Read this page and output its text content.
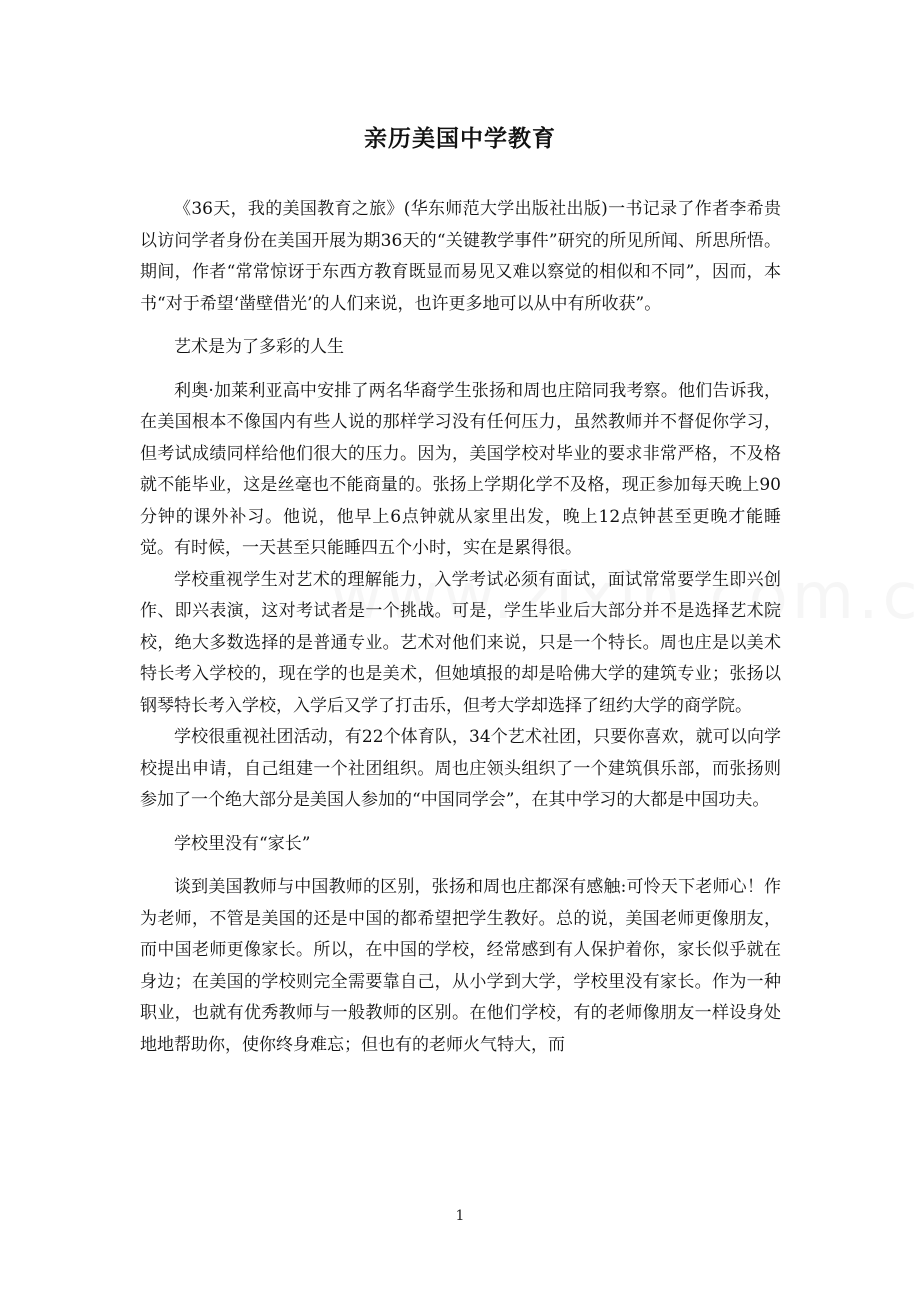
亲历美国中学教育

《36天，我的美国教育之旅》(华东师范大学出版社出版)一书记录了作者李希贵以访问学者身份在美国开展为期36天的“关键教学事件”研究的所见所闻、所思所悟。期间，作者“常常惊讶于东西方教育既显而易见又难以察觉的相似和不同”，因而，本书“对于希望‘凿壁借光’的人们来说，也许更多地可以从中有所收获”。

艺术是为了多彩的人生

利奥·加莱利亚高中安排了两名华裔学生张扬和周也庄陪同我考察。他们告诉我，在美国根本不像国内有些人说的那样学习没有任何压力，虽然教师并不督促你学习，但考试成绩同样给他们很大的压力。因为，美国学校对毕业的要求非常严格，不及格就不能毕业，这是丝毫也不能商量的。张扬上学期化学不及格，现正参加每天晚上90分钟的课外补习。他说，他早上6点钟就从家里出发，晚上12点钟甚至更晚才能睡觉。有时候，一天甚至只能睡四五个小时，实在是累得很。

学校重视学生对艺术的理解能力，入学考试必须有面试，面试常常要学生即兴创作、即兴表演，这对考试者是一个挑战。可是，学生毕业后大部分并不是选择艺术院校，绝大多数选择的是普通专业。艺术对他们来说，只是一个特长。周也庄是以美术特长考入学校的，现在学的也是美术，但她填报的却是哈佛大学的建筑专业；张扬以钢琴特长考入学校，入学后又学了打击乐，但考大学却选择了纽约大学的商学院。

学校很重视社团活动，有22个体育队，34个艺术社团，只要你喜欢，就可以向学校提出申请，自己组建一个社团组织。周也庄领头组织了一个建筑俱乐部，而张扬则参加了一个绝大部分是美国人参加的“中国同学会”，在其中学习的大都是中国功夫。

学校里没有“家长”

谈到美国教师与中国教师的区别，张扬和周也庄都深有感触:可怜天下老师心！作为老师，不管是美国的还是中国的都希望把学生教好。总的说，美国老师更像朋友，而中国老师更像家长。所以，在中国的学校，经常感到有人保护着你，家长似乎就在身边；在美国的学校则完全需要靠自己，从小学到大学，学校里没有家长。作为一种职业，也就有优秀教师与一般教师的区别。在他们学校，有的老师像朋友一样设身处地地帮助你，使你终身难忘；但也有的老师火气特大，而

1
